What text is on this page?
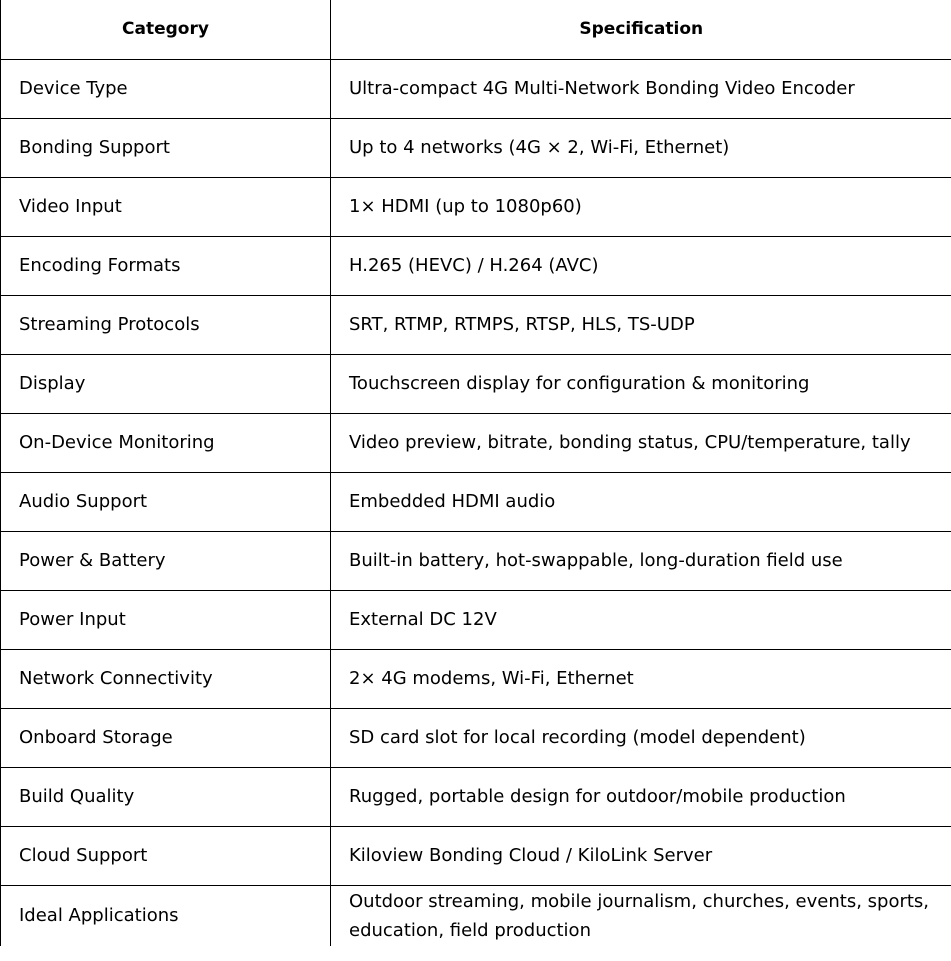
Category	Specification
Device Type	Ultra-compact 4G Multi-Network Bonding Video Encoder
Bonding Support	Up to 4 networks (4G × 2, Wi-Fi, Ethernet)
Video Input	1× HDMI (up to 1080p60)
Encoding Formats	H.265 (HEVC) / H.264 (AVC)
Streaming Protocols	SRT, RTMP, RTMPS, RTSP, HLS, TS-UDP
Display	Touchscreen display for configuration & monitoring
On-Device Monitoring	Video preview, bitrate, bonding status, CPU/temperature, tally
Audio Support	Embedded HDMI audio
Power & Battery	Built-in battery, hot-swappable, long-duration field use
Power Input	External DC 12V
Network Connectivity	2× 4G modems, Wi-Fi, Ethernet
Onboard Storage	SD card slot for local recording (model dependent)
Build Quality	Rugged, portable design for outdoor/mobile production
Cloud Support	Kiloview Bonding Cloud / KiloLink Server
Ideal Applications	Outdoor streaming, mobile journalism, churches, events, sports, education, field production
